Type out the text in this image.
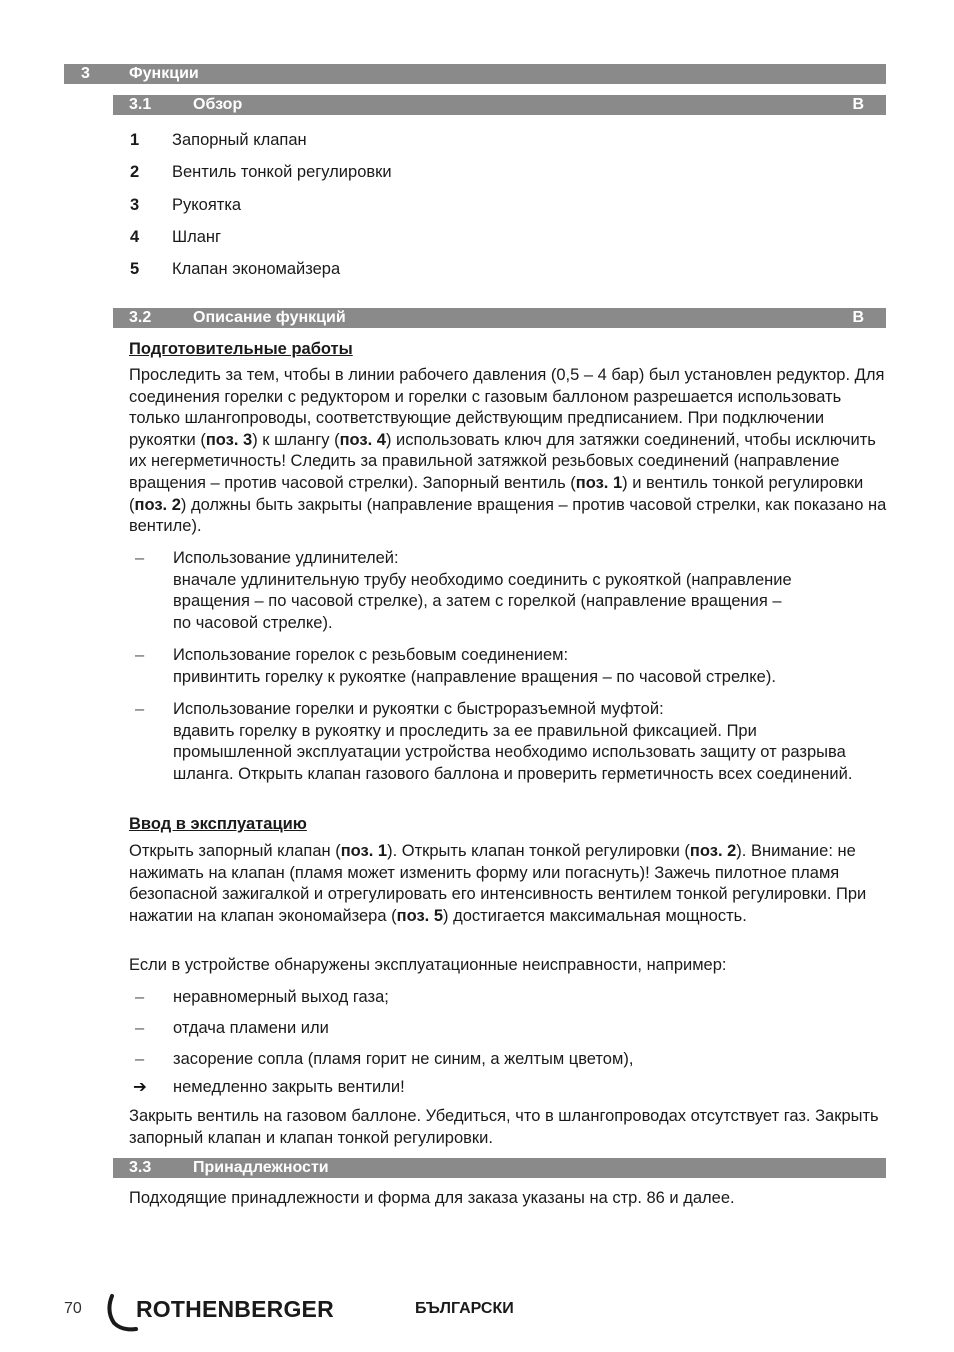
3 Функции
3.1	Обзор	B
1 Запорный клапан
2 Вентиль тонкой регулировки
3 Рукоятка
4 Шланг
5 Клапан экономайзера
3.2	Описание функций	B
Подготовительные работы
Проследить за тем, чтобы в линии рабочего давления (0,5 – 4 бар) был установлен редуктор. Для соединения горелки с редуктором и горелки с газовым баллоном разрешается использовать только шлангопроводы, соответствующие действующим предписанием. При подключении рукоятки (поз. 3) к шлангу (поз. 4) использовать ключ для затяжки соединений, чтобы исключить их негерметичность! Следить за правильной затяжкой резьбовых соединений (направление вращения – против часовой стрелки). Запорный вентиль (поз. 1) и вентиль тонкой регулировки (поз. 2) должны быть закрыты (направление вращения – против часовой стрелки, как показано на вентиле).
– Использование удлинителей:
вначале удлинительную трубу необходимо соединить с рукояткой (направление вращения – по часовой стрелке), а затем с горелкой (направление вращения – по часовой стрелке).
– Использование горелок с резьбовым соединением:
привинтить горелку к рукоятке (направление вращения – по часовой стрелке).
– Использование горелки и рукоятки с быстроразъемной муфтой:
вдавить горелку в рукоятку и проследить за ее правильной фиксацией. При промышленной эксплуатации устройства необходимо использовать защиту от разрыва шланга. Открыть клапан газового баллона и проверить герметичность всех соединений.
Ввод в эксплуатацию
Открыть запорный клапан (поз. 1). Открыть клапан тонкой регулировки (поз. 2). Внимание: не нажимать на клапан (пламя может изменить форму или погаснуть)! Зажечь пилотное пламя безопасной зажигалкой и отрегулировать его интенсивность вентилем тонкой регулировки. При нажатии на клапан экономайзера (поз. 5) достигается максимальная мощность.
Если в устройстве обнаружены эксплуатационные неисправности, например:
– неравномерный выход газа;
– отдача пламени или
– засорение сопла (пламя горит не синим, а желтым цветом),
➔ немедленно закрыть вентили!
Закрыть вентиль на газовом баллоне. Убедиться, что в шлангопроводах отсутствует газ. Закрыть запорный клапан и клапан тонкой регулировки.
3.3	Принадлежности
Подходящие принадлежности и форма для заказа указаны на стр. 86 и далее.
70 ROTHENBERGER	БЪЛГАРСКИ
